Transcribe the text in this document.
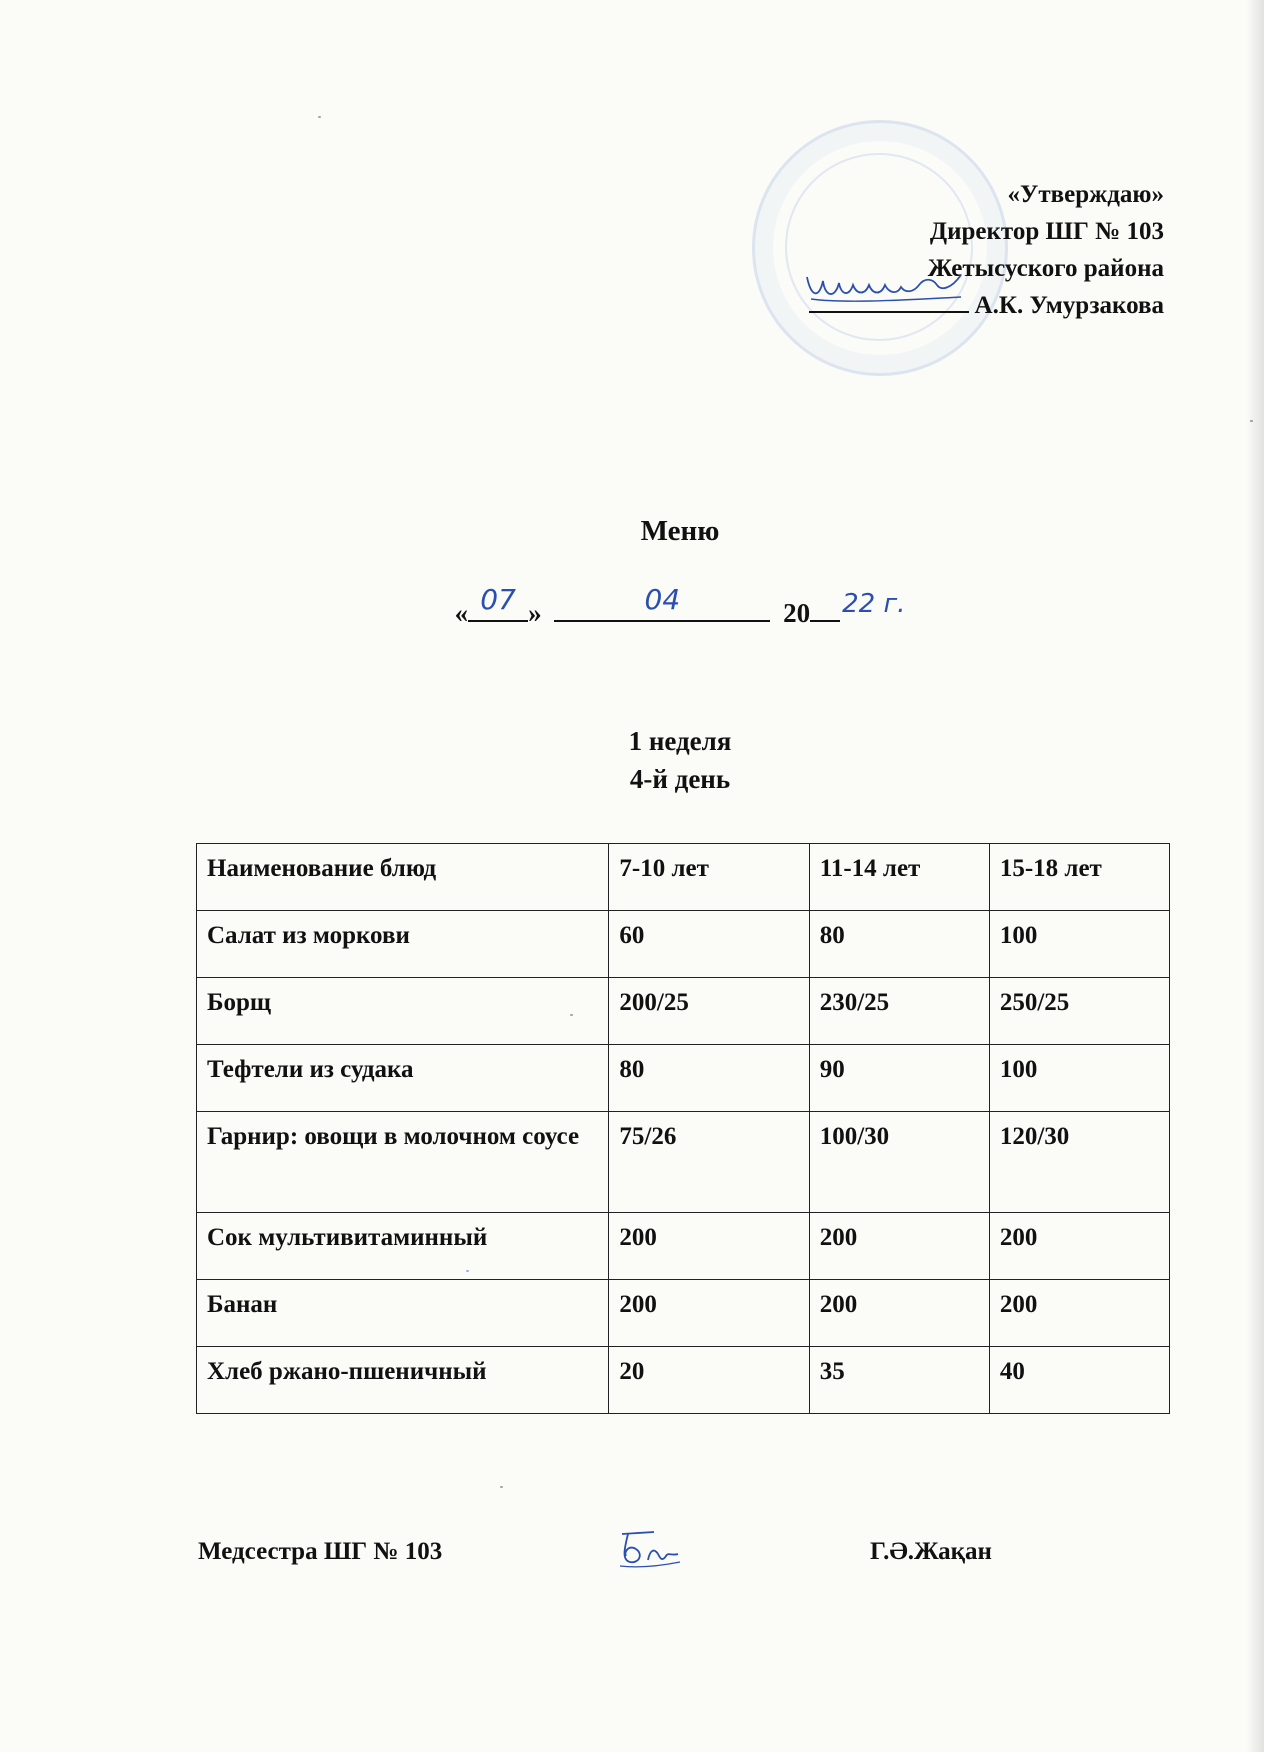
«Утверждаю»
Директор ШГ № 103
Жетысуского района
А.К. Умурзакова
Меню
« 07 »	04	20 22 г.
1 неделя
4-й день
Наименование блюд	7-10 лет	11-14 лет	15-18 лет
Салат из моркови	60	80	100
Борщ	200/25	230/25	250/25
Тефтели из судака	80	90	100
Гарнир: овощи в молочном соусе	75/26	100/30	120/30
Сок мультивитаминный	200	200	200
Банан	200	200	200
Хлеб ржано-пшеничный	20	35	40
Медсестра ШГ № 103	Г.Ә.Жақан
